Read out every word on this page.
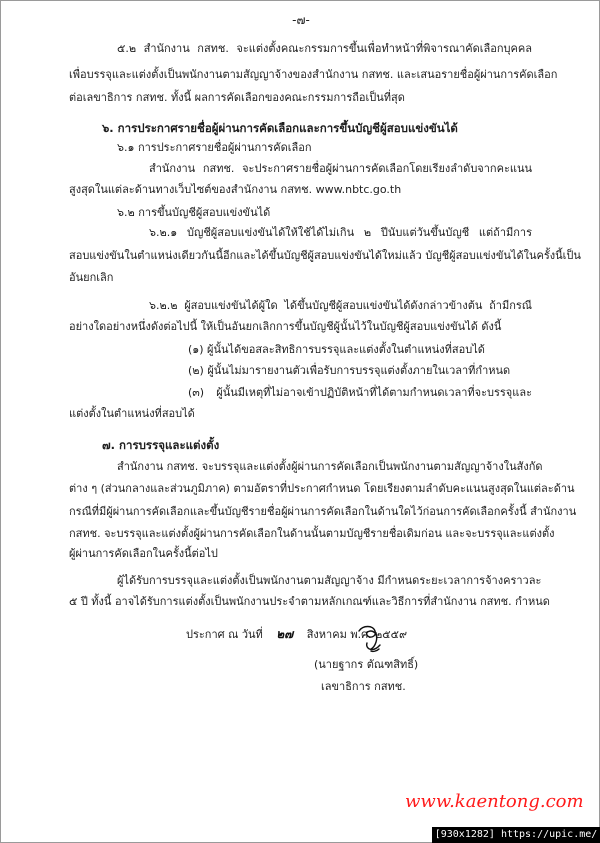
-๗-
๕.๒ สำนักงาน กสทช. จะแต่งตั้งคณะกรรมการขึ้นเพื่อทำหน้าที่พิจารณาคัดเลือกบุคคล
เพื่อบรรจุและแต่งตั้งเป็นพนักงานตามสัญญาจ้างของสำนักงาน กสทช. และเสนอรายชื่อผู้ผ่านการคัดเลือก
ต่อเลขาธิการ กสทช. ทั้งนี้ ผลการคัดเลือกของคณะกรรมการถือเป็นที่สุด
๖. การประกาศรายชื่อผู้ผ่านการคัดเลือกและการขึ้นบัญชีผู้สอบแข่งขันได้
๖.๑ การประกาศรายชื่อผู้ผ่านการคัดเลือก
สำนักงาน กสทช. จะประกาศรายชื่อผู้ผ่านการคัดเลือกโดยเรียงลำดับจากคะแนน
สูงสุดในแต่ละด้านทางเว็บไซต์ของสำนักงาน กสทช. www.nbtc.go.th
๖.๒ การขึ้นบัญชีผู้สอบแข่งขันได้
๖.๒.๑ บัญชีผู้สอบแข่งขันได้ให้ใช้ได้ไม่เกิน ๒ ปีนับแต่วันขึ้นบัญชี แต่ถ้ามีการ
สอบแข่งขันในตำแหน่งเดียวกันนี้อีกและได้ขึ้นบัญชีผู้สอบแข่งขันได้ใหม่แล้ว บัญชีผู้สอบแข่งขันได้ในครั้งนี้เป็น
อันยกเลิก
๖.๒.๒ ผู้สอบแข่งขันได้ผู้ใด ได้ขึ้นบัญชีผู้สอบแข่งขันได้ดังกล่าวข้างต้น ถ้ามีกรณี
อย่างใดอย่างหนึ่งดังต่อไปนี้ ให้เป็นอันยกเลิกการขึ้นบัญชีผู้นั้นไว้ในบัญชีผู้สอบแข่งขันได้ ดังนี้
(๑) ผู้นั้นได้ขอสละสิทธิการบรรจุและแต่งตั้งในตำแหน่งที่สอบได้
(๒) ผู้นั้นไม่มารายงานตัวเพื่อรับการบรรจุแต่งตั้งภายในเวลาที่กำหนด
(๓) ผู้นั้นมีเหตุที่ไม่อาจเข้าปฏิบัติหน้าที่ได้ตามกำหนดเวลาที่จะบรรจุและ
แต่งตั้งในตำแหน่งที่สอบได้
๗. การบรรจุและแต่งตั้ง
สำนักงาน กสทช. จะบรรจุและแต่งตั้งผู้ผ่านการคัดเลือกเป็นพนักงานตามสัญญาจ้างในสังกัด
ต่าง ๆ (ส่วนกลางและส่วนภูมิภาค) ตามอัตราที่ประกาศกำหนด โดยเรียงตามลำดับคะแนนสูงสุดในแต่ละด้าน
กรณีที่มีผู้ผ่านการคัดเลือกและขึ้นบัญชีรายชื่อผู้ผ่านการคัดเลือกในด้านใดไว้ก่อนการคัดเลือกครั้งนี้ สำนักงาน
กสทช. จะบรรจุและแต่งตั้งผู้ผ่านการคัดเลือกในด้านนั้นตามบัญชีรายชื่อเดิมก่อน และจะบรรจุและแต่งตั้ง
ผู้ผ่านการคัดเลือกในครั้งนี้ต่อไป
ผู้ได้รับการบรรจุและแต่งตั้งเป็นพนักงานตามสัญญาจ้าง มีกำหนดระยะเวลาการจ้างคราวละ
๕ ปี ทั้งนี้ อาจได้รับการแต่งตั้งเป็นพนักงานประจำตามหลักเกณฑ์และวิธีการที่สำนักงาน กสทช. กำหนด
ประกาศ ณ วันที่ ๒๗ สิงหาคม พ.ศ. ๒๕๕๙
(นายฐากร ตัณฑสิทธิ์)
เลขาธิการ กสทช.
www.kaentong.com
[930x1282] https://upic.me/
